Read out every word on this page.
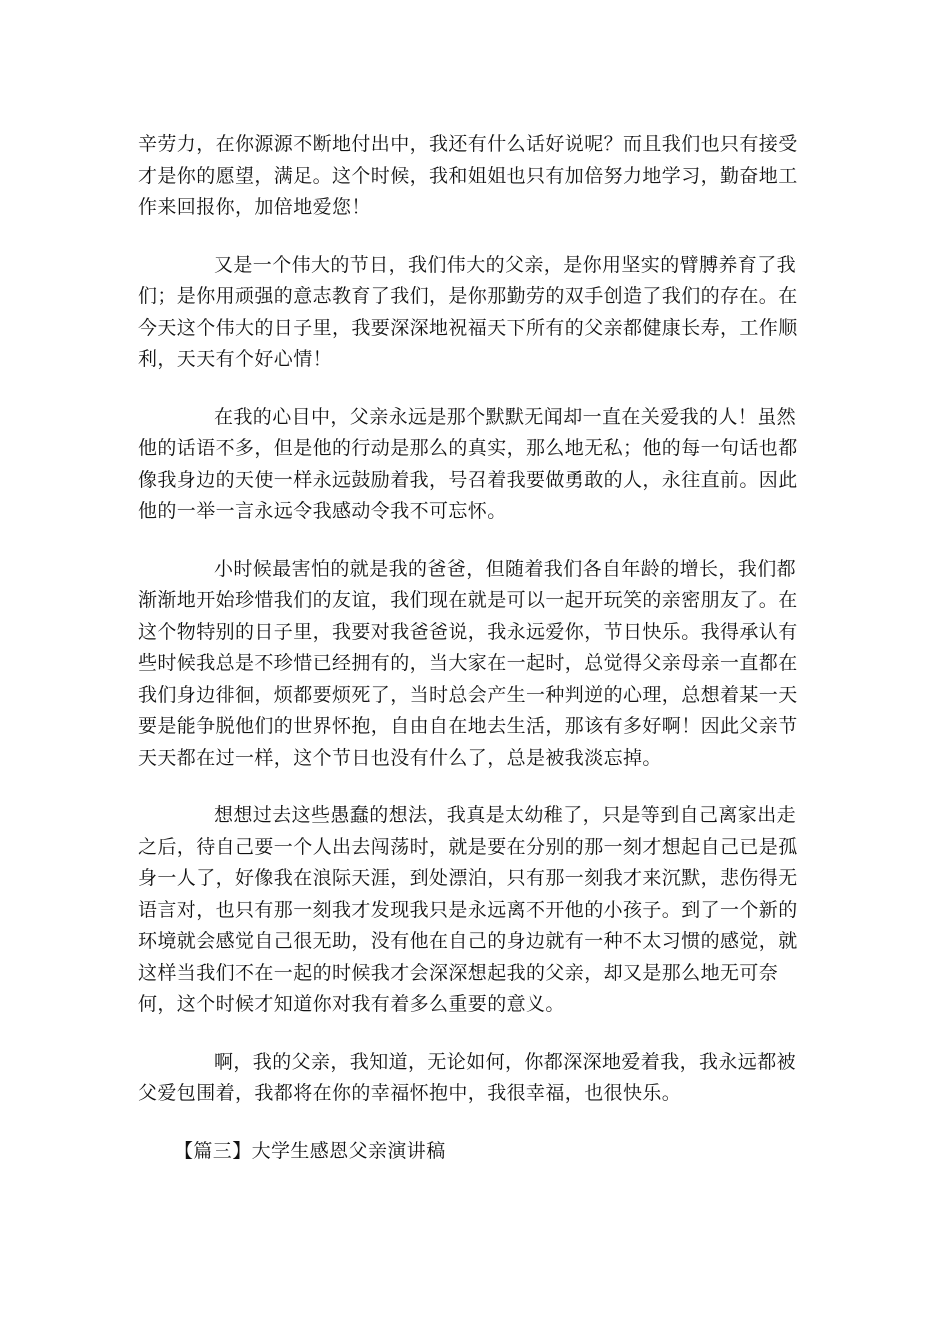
辛劳力，在你源源不断地付出中，我还有什么话好说呢？而且我们也只有接受才是你的愿望，满足。这个时候，我和姐姐也只有加倍努力地学习，勤奋地工作来回报你，加倍地爱您！

又是一个伟大的节日，我们伟大的父亲，是你用坚实的臂膊养育了我们；是你用顽强的意志教育了我们，是你那勤劳的双手创造了我们的存在。在今天这个伟大的日子里，我要深深地祝福天下所有的父亲都健康长寿，工作顺利，天天有个好心情！

在我的心目中，父亲永远是那个默默无闻却一直在关爱我的人！虽然他的话语不多，但是他的行动是那么的真实，那么地无私；他的每一句话也都像我身边的天使一样永远鼓励着我，号召着我要做勇敢的人，永往直前。因此他的一举一言永远令我感动令我不可忘怀。

小时候最害怕的就是我的爸爸，但随着我们各自年龄的增长，我们都渐渐地开始珍惜我们的友谊，我们现在就是可以一起开玩笑的亲密朋友了。在这个物特别的日子里，我要对我爸爸说，我永远爱你，节日快乐。我得承认有些时候我总是不珍惜已经拥有的，当大家在一起时，总觉得父亲母亲一直都在我们身边徘徊，烦都要烦死了，当时总会产生一种判逆的心理，总想着某一天要是能争脱他们的世界怀抱，自由自在地去生活，那该有多好啊！因此父亲节天天都在过一样，这个节日也没有什么了，总是被我淡忘掉。

想想过去这些愚蠢的想法，我真是太幼稚了，只是等到自己离家出走之后，待自己要一个人出去闯荡时，就是要在分别的那一刻才想起自己已是孤身一人了，好像我在浪际天涯，到处漂泊，只有那一刻我才来沉默，悲伤得无语言对，也只有那一刻我才发现我只是永远离不开他的小孩子。到了一个新的环境就会感觉自己很无助，没有他在自己的身边就有一种不太习惯的感觉，就这样当我们不在一起的时候我才会深深想起我的父亲，却又是那么地无可奈何，这个时候才知道你对我有着多么重要的意义。

啊，我的父亲，我知道，无论如何，你都深深地爱着我，我永远都被父爱包围着，我都将在你的幸福怀抱中，我很幸福，也很快乐。

【篇三】大学生感恩父亲演讲稿
